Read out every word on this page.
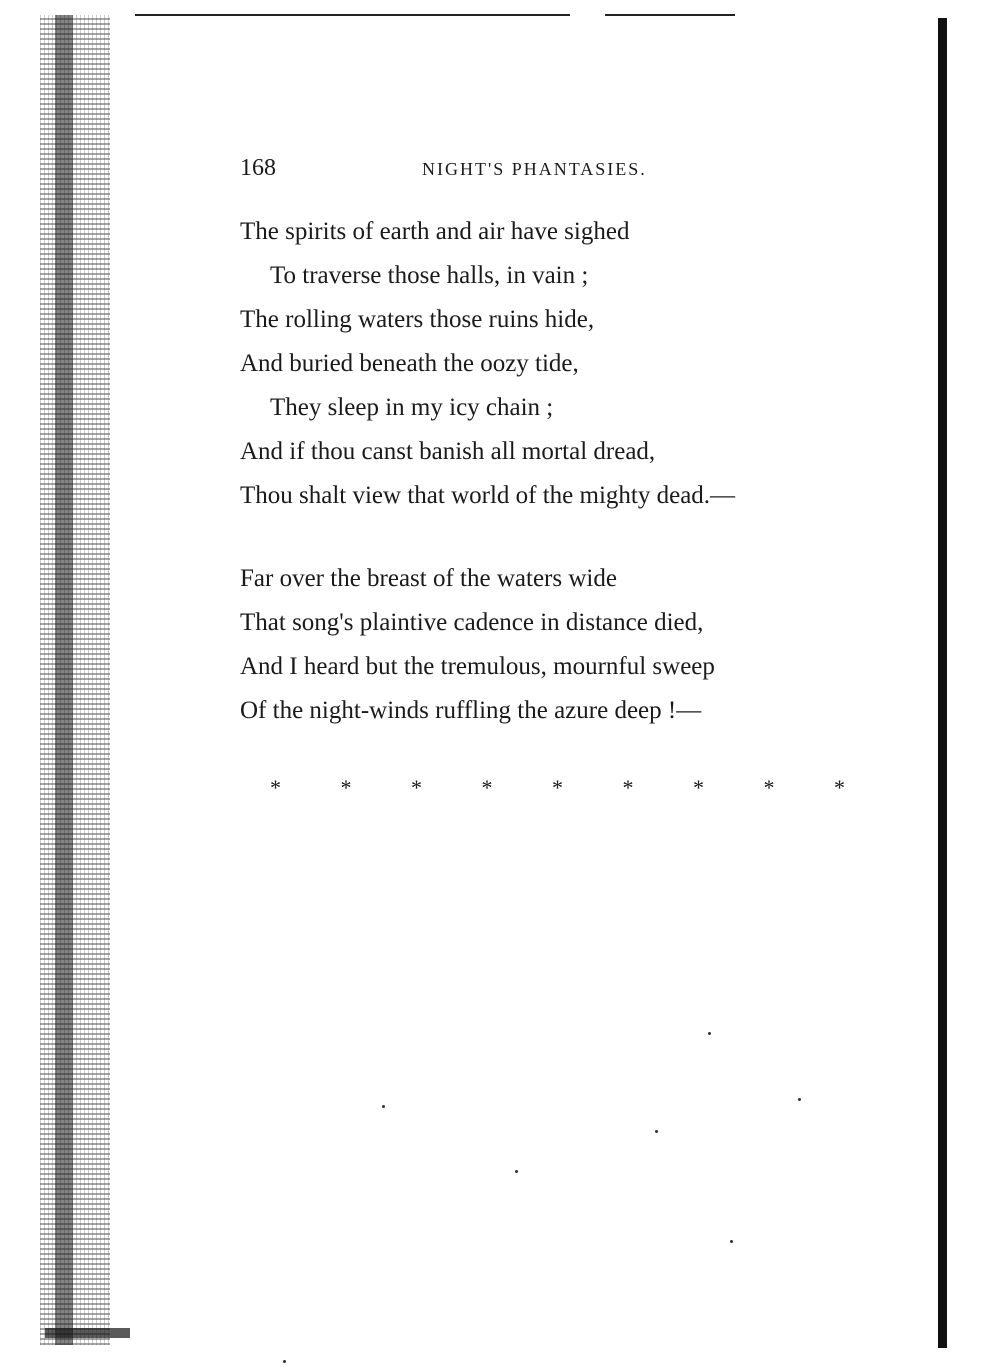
168	NIGHT'S PHANTASIES.
The spirits of earth and air have sighed
To traverse those halls, in vain ;
The rolling waters those ruins hide,
And buried beneath the oozy tide,
They sleep in my icy chain ;
And if thou canst banish all mortal dread,
Thou shalt view that world of the mighty dead.—
Far over the breast of the waters wide
That song's plaintive cadence in distance died,
And I heard but the tremulous, mournful sweep
Of the night-winds ruffling the azure deep !—
*	*	*	*	*	*	*	*	*
